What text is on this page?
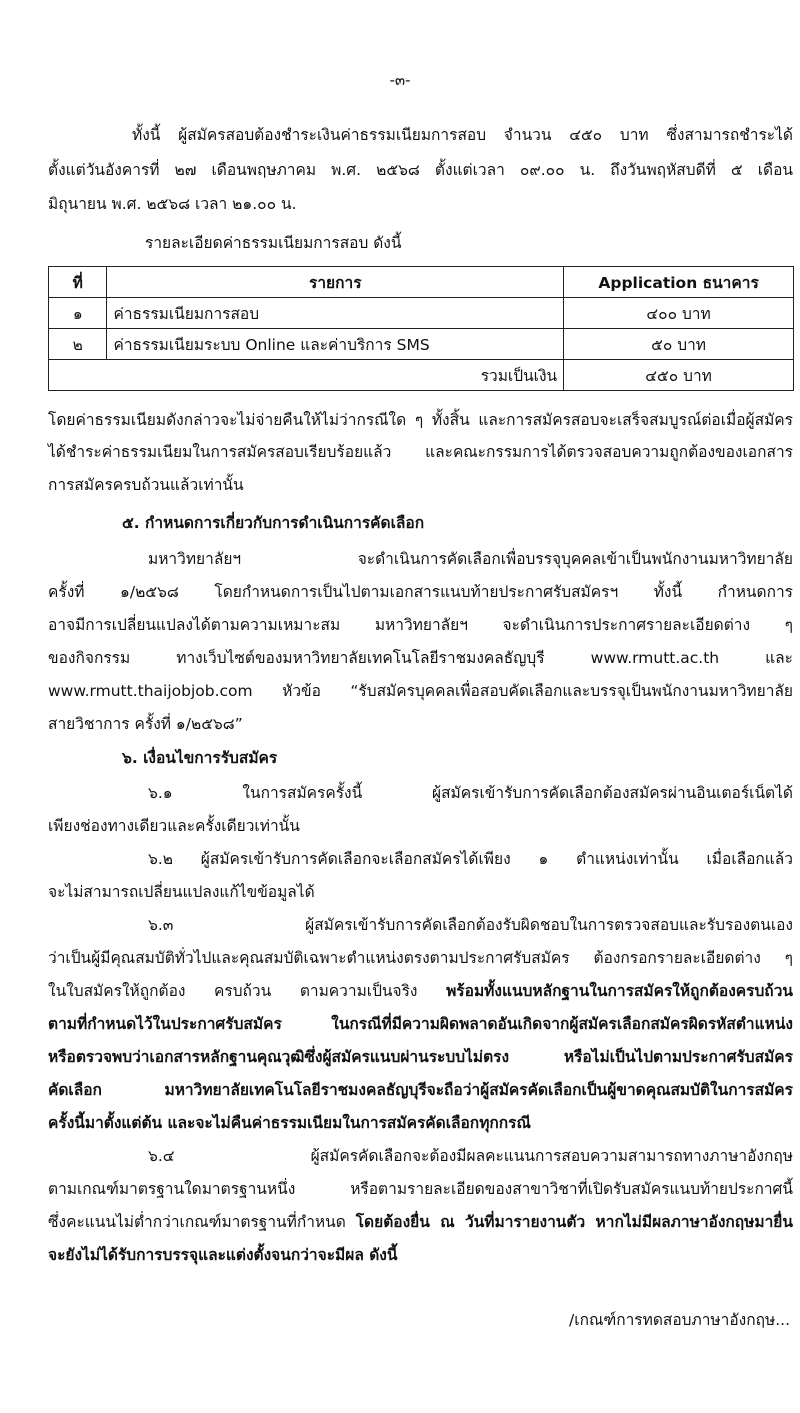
-๓-
ทั้งนี้ ผู้สมัครสอบต้องชำระเงินค่าธรรมเนียมการสอบ จำนวน ๔๕๐ บาท ซึ่งสามารถชำระได้
ตั้งแต่วันอังคารที่ ๒๗ เดือนพฤษภาคม พ.ศ. ๒๕๖๘ ตั้งแต่เวลา ๐๙.๐๐ น. ถึงวันพฤหัสบดีที่ ๕ เดือน
มิถุนายน พ.ศ. ๒๕๖๘ เวลา ๒๑.๐๐ น.
รายละเอียดค่าธรรมเนียมการสอบ ดังนี้
ที่	รายการ	Application ธนาคาร
๑	ค่าธรรมเนียมการสอบ	๔๐๐ บาท
๒	ค่าธรรมเนียมระบบ Online และค่าบริการ SMS	๕๐ บาท
รวมเป็นเงิน		๔๕๐ บาท
โดยค่าธรรมเนียมดังกล่าวจะไม่จ่ายคืนให้ไม่ว่ากรณีใด ๆ ทั้งสิ้น และการสมัครสอบจะเสร็จสมบูรณ์ต่อเมื่อผู้สมัคร
ได้ชำระค่าธรรมเนียมในการสมัครสอบเรียบร้อยแล้ว และคณะกรรมการได้ตรวจสอบความถูกต้องของเอกสาร
การสมัครครบถ้วนแล้วเท่านั้น
๕. กำหนดการเกี่ยวกับการดำเนินการคัดเลือก
มหาวิทยาลัยฯ จะดำเนินการคัดเลือกเพื่อบรรจุบุคคลเข้าเป็นพนักงานมหาวิทยาลัย
ครั้งที่ ๑/๒๕๖๘ โดยกำหนดการเป็นไปตามเอกสารแนบท้ายประกาศรับสมัครฯ ทั้งนี้ กำหนดการ
อาจมีการเปลี่ยนแปลงได้ตามความเหมาะสม มหาวิทยาลัยฯ จะดำเนินการประกาศรายละเอียดต่าง ๆ
ของกิจกรรม ทางเว็บไซต์ของมหาวิทยาลัยเทคโนโลยีราชมงคลธัญบุรี www.rmutt.ac.th และ
www.rmutt.thaijobjob.com หัวข้อ “รับสมัครบุคคลเพื่อสอบคัดเลือกและบรรจุเป็นพนักงานมหาวิทยาลัย
สายวิชาการ ครั้งที่ ๑/๒๕๖๘”
๖. เงื่อนไขการรับสมัคร
๖.๑ ในการสมัครครั้งนี้ ผู้สมัครเข้ารับการคัดเลือกต้องสมัครผ่านอินเตอร์เน็ตได้
เพียงช่องทางเดียวและครั้งเดียวเท่านั้น
๖.๒ ผู้สมัครเข้ารับการคัดเลือกจะเลือกสมัครได้เพียง ๑ ตำแหน่งเท่านั้น เมื่อเลือกแล้ว
จะไม่สามารถเปลี่ยนแปลงแก้ไขข้อมูลได้
๖.๓ ผู้สมัครเข้ารับการคัดเลือกต้องรับผิดชอบในการตรวจสอบและรับรองตนเอง
ว่าเป็นผู้มีคุณสมบัติทั่วไปและคุณสมบัติเฉพาะตำแหน่งตรงตามประกาศรับสมัคร ต้องกรอกรายละเอียดต่าง ๆ
ในใบสมัครให้ถูกต้อง ครบถ้วน ตามความเป็นจริง พร้อมทั้งแนบหลักฐานในการสมัครให้ถูกต้องครบถ้วน
ตามที่กำหนดไว้ในประกาศรับสมัคร ในกรณีที่มีความผิดพลาดอันเกิดจากผู้สมัครเลือกสมัครผิดรหัสตำแหน่ง
หรือตรวจพบว่าเอกสารหลักฐานคุณวุฒิซึ่งผู้สมัครแนบผ่านระบบไม่ตรง หรือไม่เป็นไปตามประกาศรับสมัคร
คัดเลือก มหาวิทยาลัยเทคโนโลยีราชมงคลธัญบุรีจะถือว่าผู้สมัครคัดเลือกเป็นผู้ขาดคุณสมบัติในการสมัคร
ครั้งนี้มาตั้งแต่ต้น และจะไม่คืนค่าธรรมเนียมในการสมัครคัดเลือกทุกกรณี
๖.๔ ผู้สมัครคัดเลือกจะต้องมีผลคะแนนการสอบความสามารถทางภาษาอังกฤษ
ตามเกณฑ์มาตรฐานใดมาตรฐานหนึ่ง หรือตามรายละเอียดของสาขาวิชาที่เปิดรับสมัครแนบท้ายประกาศนี้
ซึ่งคะแนนไม่ต่ำกว่าเกณฑ์มาตรฐานที่กำหนด โดยต้องยื่น ณ วันที่มารายงานตัว หากไม่มีผลภาษาอังกฤษมายื่น
จะยังไม่ได้รับการบรรจุและแต่งตั้งจนกว่าจะมีผล ดังนี้
/เกณฑ์การทดสอบภาษาอังกฤษ...
